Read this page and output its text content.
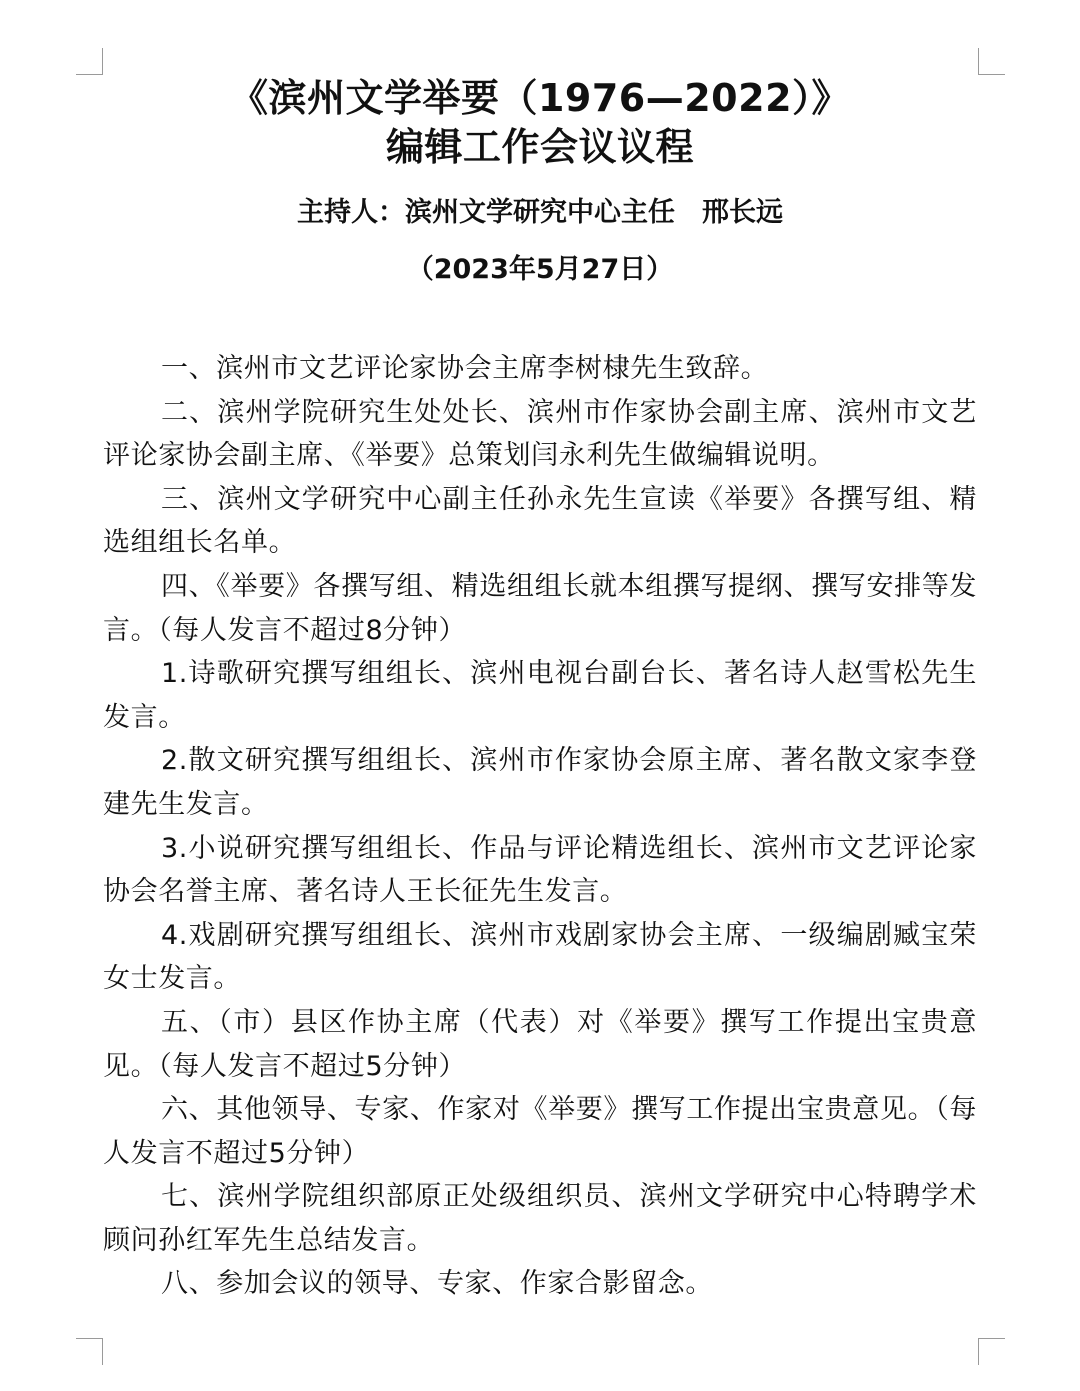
《滨州文学举要（1976—2022）》
编辑工作会议议程
主持人：滨州文学研究中心主任　邢长远
（2023年5月27日）

一、滨州市文艺评论家协会主席李树棣先生致辞。

二、滨州学院研究生处处长、滨州市作家协会副主席、滨州市文艺评论家协会副主席、《举要》总策划闫永利先生做编辑说明。

三、滨州文学研究中心副主任孙永先生宣读《举要》各撰写组、精选组组长名单。

四、《举要》各撰写组、精选组组长就本组撰写提纲、撰写安排等发言。（每人发言不超过8分钟）

1.诗歌研究撰写组组长、滨州电视台副台长、著名诗人赵雪松先生发言。

2.散文研究撰写组组长、滨州市作家协会原主席、著名散文家李登建先生发言。

3.小说研究撰写组组长、作品与评论精选组长、滨州市文艺评论家协会名誉主席、著名诗人王长征先生发言。

4.戏剧研究撰写组组长、滨州市戏剧家协会主席、一级编剧臧宝荣女士发言。

五、（市）县区作协主席（代表）对《举要》撰写工作提出宝贵意见。（每人发言不超过5分钟）

六、其他领导、专家、作家对《举要》撰写工作提出宝贵意见。（每人发言不超过5分钟）

七、滨州学院组织部原正处级组织员、滨州文学研究中心特聘学术顾问孙红军先生总结发言。

八、参加会议的领导、专家、作家合影留念。
